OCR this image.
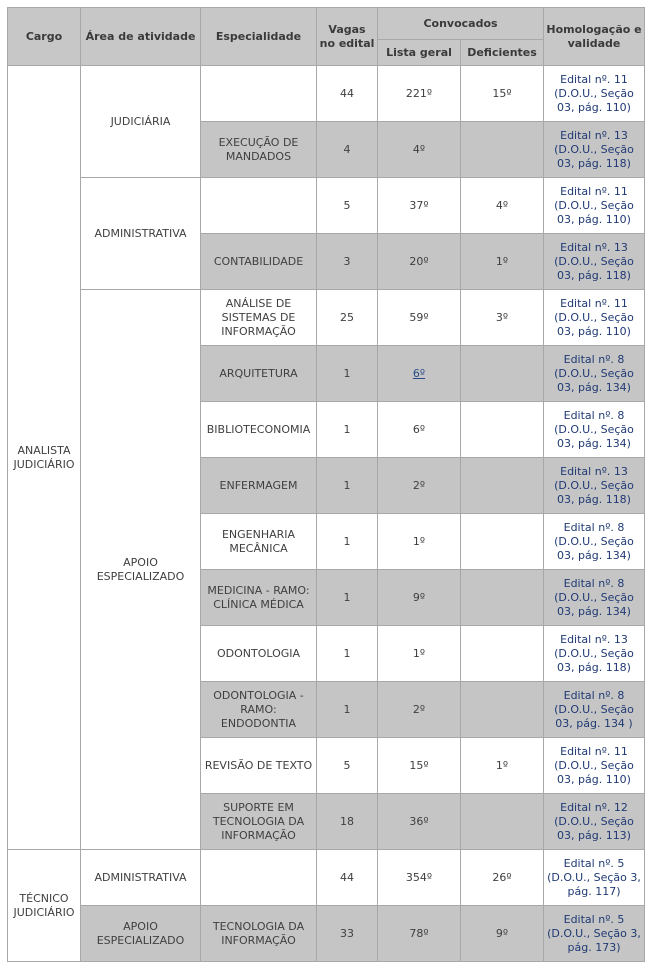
Cargo	Área de atividade	Especialidade	Vagas no edital	Convocados		Homologação e validade
				Lista geral	Deficientes	
ANALISTA JUDICIÁRIO	JUDICIÁRIA		44	221º	15º	Edital nº. 11 (D.O.U., Seção 03, pág. 110)
		EXECUÇÃO DE MANDADOS	4	4º		Edital nº. 13 (D.O.U., Seção 03, pág. 118)
	ADMINISTRATIVA		5	37º	4º	Edital nº. 11 (D.O.U., Seção 03, pág. 110)
		CONTABILIDADE	3	20º	1º	Edital nº. 13 (D.O.U., Seção 03, pág. 118)
	APOIO ESPECIALIZADO	ANÁLISE DE SISTEMAS DE INFORMAÇÃO	25	59º	3º	Edital nº. 11 (D.O.U., Seção 03, pág. 110)
		ARQUITETURA	1	6º		Edital nº. 8 (D.O.U., Seção 03, pág. 134)
		BIBLIOTECONOMIA	1	6º		Edital nº. 8 (D.O.U., Seção 03, pág. 134)
		ENFERMAGEM	1	2º		Edital nº. 13 (D.O.U., Seção 03, pág. 118)
		ENGENHARIA MECÂNICA	1	1º		Edital nº. 8 (D.O.U., Seção 03, pág. 134)
		MEDICINA - RAMO: CLÍNICA MÉDICA	1	9º		Edital nº. 8 (D.O.U., Seção 03, pág. 134)
		ODONTOLOGIA	1	1º		Edital nº. 13 (D.O.U., Seção 03, pág. 118)
		ODONTOLOGIA - RAMO: ENDODONTIA	1	2º		Edital nº. 8 (D.O.U., Seção 03, pág. 134 )
		REVISÃO DE TEXTO	5	15º	1º	Edital nº. 11 (D.O.U., Seção 03, pág. 110)
		SUPORTE EM TECNOLOGIA DA INFORMAÇÃO	18	36º		Edital nº. 12 (D.O.U., Seção 03, pág. 113)
TÉCNICO JUDICIÁRIO	ADMINISTRATIVA		44	354º	26º	Edital nº. 5 (D.O.U., Seção 3, pág. 117)
	APOIO ESPECIALIZADO	TECNOLOGIA DA INFORMAÇÃO	33	78º	9º	Edital nº. 5 (D.O.U., Seção 3, pág. 173)
